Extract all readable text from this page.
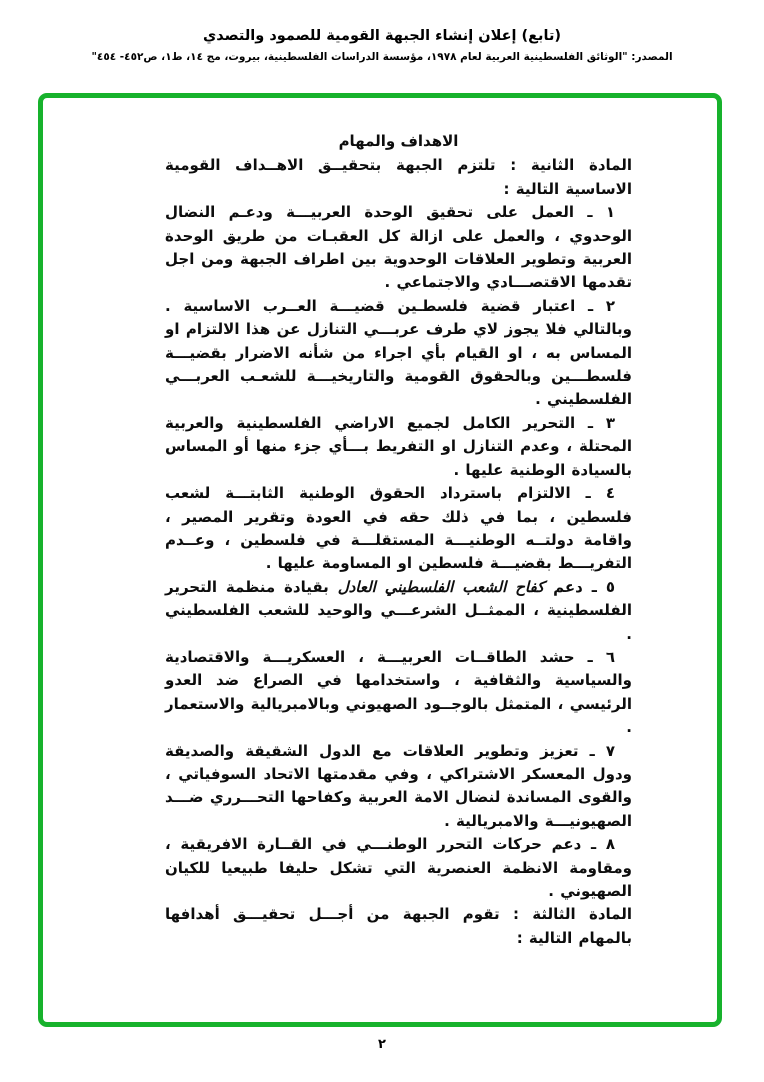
(تابع) إعلان إنشاء الجبهة القومية للصمود والتصدي
المصدر: "الوثائق الفلسطينية العربية لعام ١٩٧٨، مؤسسة الدراسات الفلسطينية، بيروت، مج ١٤، ط١، ص٤٥٢- ٤٥٤"
الاهداف والمهام

المادة الثانية : تلتزم الجبهة بتحقيــق الاهــداف القومية الاساسية التالية :

١ ـ العمل على تحقيق الوحدة العربيـــة ودعـم النضال الوحدوي ، والعمل على ازالة كل العقبـات من طريق الوحدة العربية وتطوير العلاقات الوحدوية بين اطراف الجبهة ومن اجل تقدمها الاقتصـــادي والاجتماعي .

٢ ـ اعتبار قضية فلسطـين قضيـــة العــرب الاساسية . وبالتالي فلا يجوز لاي طرف عربـــي التنازل عن هذا الالتزام او المساس به ، او القيام بأي اجراء من شأنه الاضرار بقضيـــة فلسطـــين وبالحقوق القومية والتاريخيـــة للشعـب العربـــي الفلسطيني .

٣ ـ التحرير الكامل لجميع الاراضي الفلسطينية والعربية المحتلة ، وعدم التنازل او التفريط بـــأي جزء منها أو المساس بالسيادة الوطنية عليها .

٤ ـ الالتزام باسترداد الحقوق الوطنية الثابتـــة لشعب فلسطين ، بما في ذلك حقه في العودة وتقرير المصير ، واقامة دولتــه الوطنيـــة المستقلـــة في فلسطين ، وعــدم التفريـــط بقضيـــة فلسطين او المساومة عليها .

٥ ـ دعم كفاح الشعب الفلسطيني العادل بقيادة منظمة التحرير الفلسطينية ، الممثــل الشرعـــي والوحيد للشعب الفلسطيني .

٦ ـ حشد الطاقــات العربيـــة ، العسكريـــة والاقتصادية والسياسية والثقافية ، واستخدامها في الصراع ضد العدو الرئيسي ، المتمثل بالوجــود الصهيوني وبالامبريالية والاستعمار .

٧ ـ تعزيز وتطوير العلاقات مع الدول الشقيقة والصديقة ودول المعسكر الاشتراكي ، وفي مقدمتها الاتحاد السوفياتي ، والقوى المساندة لنضال الامة العربية وكفاحها التحـــرري ضـــد الصهيونيـــة والامبريالية .

٨ ـ دعم حركات التحرر الوطنـــي في القــارة الافريقية ، ومقاومة الانظمة العنصرية التي تشكل حليفا طبيعيا للكيان الصهيوني .

المادة الثالثة : تقوم الجبهة من أجـــل تحقيـــق أهدافها بالمهام التالية :

٢
